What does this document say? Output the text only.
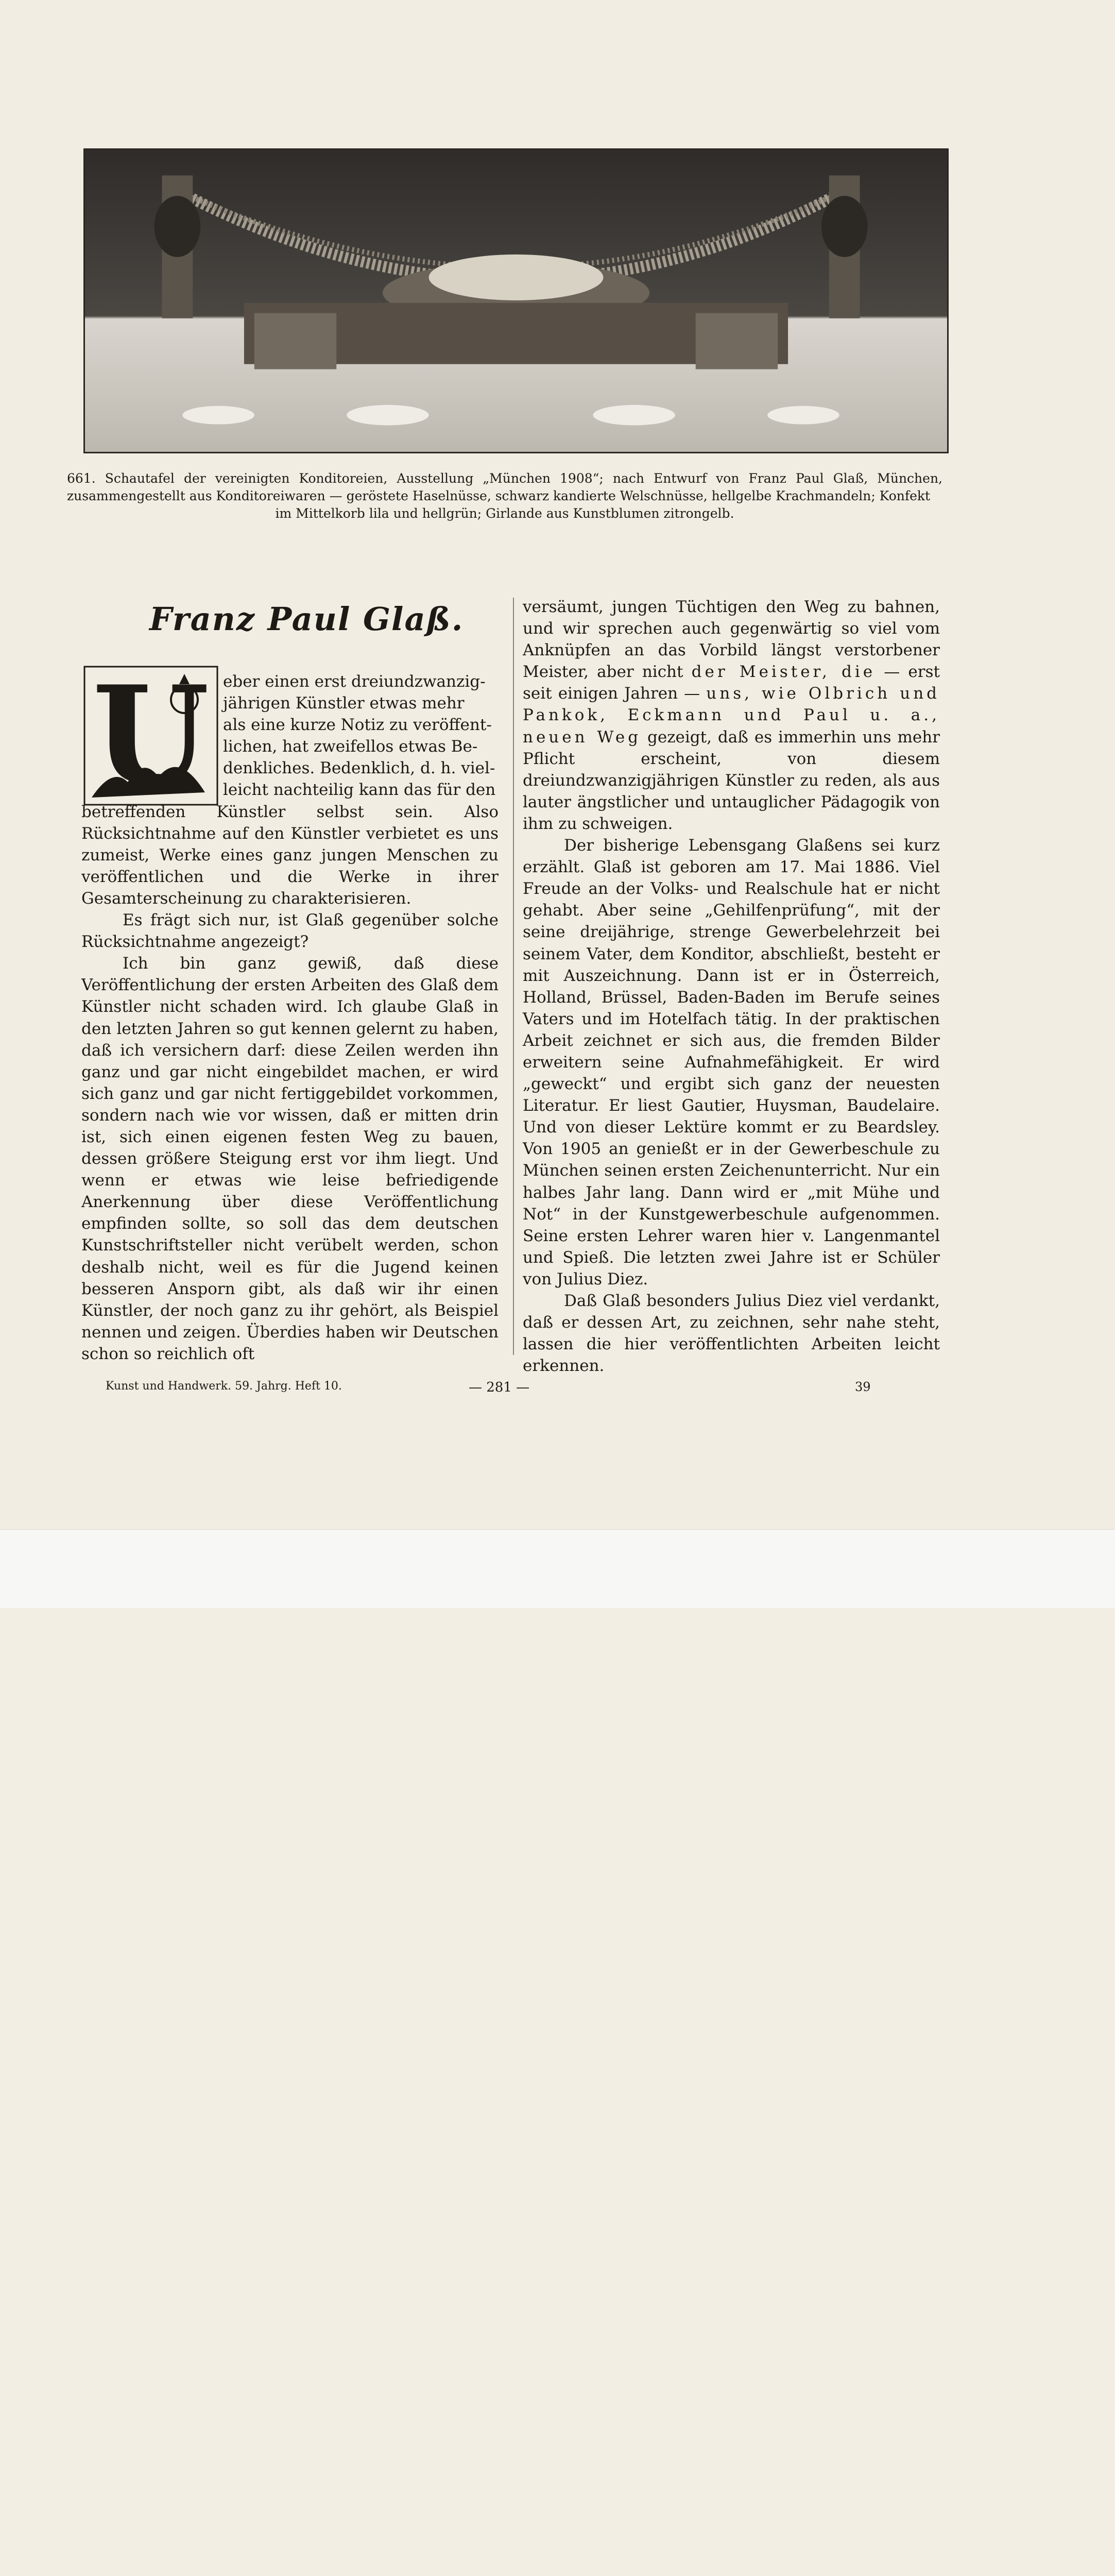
661. Schautafel der vereinigten Konditoreien, Ausstellung „München 1908“; nach Entwurf von Franz Paul Glaß, München, zusammengestellt aus Konditoreiwaren — geröstete Haselnüsse, schwarz kandierte Welschnüsse, hellgelbe Krachmandeln; Konfekt
im Mittelkorb lila und hellgrün; Girlande aus Kunstblumen zitrongelb.
Franz Paul Glaß.
U eber einen erst dreiundzwanzig-

jährigen Künstler etwas mehr

als eine kurze Notiz zu veröffent-

lichen, hat zweifellos etwas Be-

denkliches. Bedenklich, d. h. viel-

leicht nachteilig kann das für den

betreffenden Künstler selbst sein. Also Rücksichtnahme auf den Künstler verbietet es uns zumeist, Werke eines ganz jungen Menschen zu veröffentlichen und die Werke in ihrer Gesamterscheinung zu charakterisieren.

Es frägt sich nur, ist Glaß gegenüber solche Rücksichtnahme angezeigt?

Ich bin ganz gewiß, daß diese Veröffentlichung der ersten Arbeiten des Glaß dem Künstler nicht schaden wird. Ich glaube Glaß in den letzten Jahren so gut kennen gelernt zu haben, daß ich versichern darf: diese Zeilen werden ihn ganz und gar nicht eingebildet machen, er wird sich ganz und gar nicht fertiggebildet vorkommen, sondern nach wie vor wissen, daß er mitten drin ist, sich einen eigenen festen Weg zu bauen, dessen größere Steigung erst vor ihm liegt. Und wenn er etwas wie leise befriedigende Anerkennung über diese Veröffentlichung empfinden sollte, so soll das dem deutschen Kunstschriftsteller nicht verübelt werden, schon deshalb nicht, weil es für die Jugend keinen besseren Ansporn gibt, als daß wir ihr einen Künstler, der noch ganz zu ihr gehört, als Beispiel nennen und zeigen. Überdies haben wir Deutschen schon so reichlich oft

versäumt, jungen Tüchtigen den Weg zu bahnen, und wir sprechen auch gegenwärtig so viel vom Anknüpfen an das Vorbild längst verstorbener Meister, aber nicht der Meister, die — erst seit einigen Jahren — uns, wie Olbrich und Pankok, Eckmann und Paul u. a., neuen Weg gezeigt, daß es immerhin uns mehr Pflicht erscheint, von diesem dreiundzwanzigjährigen Künstler zu reden, als aus lauter ängstlicher und untauglicher Pädagogik von ihm zu schweigen.

Der bisherige Lebensgang Glaßens sei kurz erzählt. Glaß ist geboren am 17. Mai 1886. Viel Freude an der Volks- und Realschule hat er nicht gehabt. Aber seine „Gehilfenprüfung“, mit der seine dreijährige, strenge Gewerbelehrzeit bei seinem Vater, dem Konditor, abschließt, besteht er mit Auszeichnung. Dann ist er in Österreich, Holland, Brüssel, Baden-Baden im Berufe seines Vaters und im Hotelfach tätig. In der praktischen Arbeit zeichnet er sich aus, die fremden Bilder erweitern seine Aufnahmefähigkeit. Er wird „geweckt“ und ergibt sich ganz der neuesten Literatur. Er liest Gautier, Huysman, Baudelaire. Und von dieser Lektüre kommt er zu Beardsley. Von 1905 an genießt er in der Gewerbeschule zu München seinen ersten Zeichenunterricht. Nur ein halbes Jahr lang. Dann wird er „mit Mühe und Not“ in der Kunstgewerbeschule aufgenommen. Seine ersten Lehrer waren hier v. Langenmantel und Spieß. Die letzten zwei Jahre ist er Schüler von Julius Diez.

Daß Glaß besonders Julius Diez viel verdankt, daß er dessen Art, zu zeichnen, sehr nahe steht, lassen die hier veröffentlichten Arbeiten leicht erkennen.

Kunst und Handwerk. 59. Jahrg. Heft 10.	— 281 —	39
